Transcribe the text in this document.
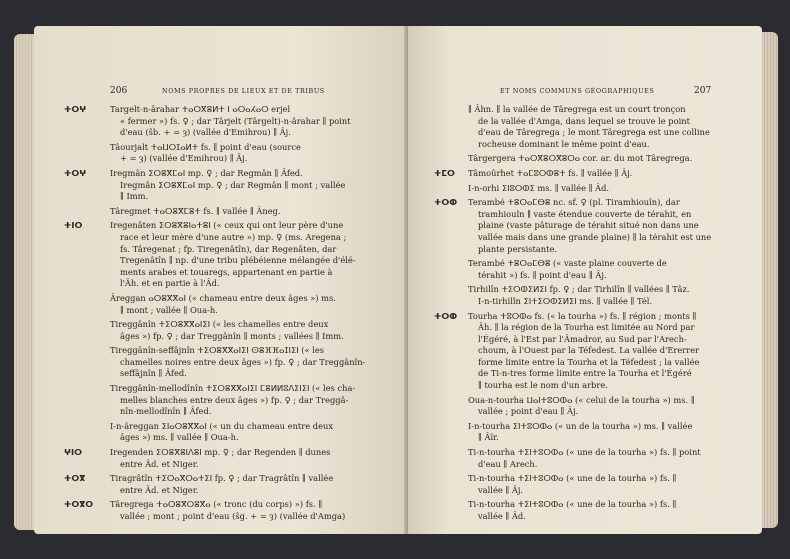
206	NOMS PROPRES DE LIEUX ET DE TRIBUS
ⵜⵔⵖ	Targelt-n-ârahar ⵜⴰⵔⴳⴻⵍⵜ ⵏ ⴰⵔⴰⵃⴰⵔ erjel
« fermer ») fs. ♀ ; dar Târjelt (Târgelt)-n-ârahar ∥ point
d'eau (ŝb. + = ȝ) (vallée d'Emihrou) ∥ Âj.
Tâourjalt ⵜⴰⵡⵔⵊⴰⵍⵜ fs. ∥ point d'eau (source
+ = ȝ) (vallée d'Emihrou) ∥ Âj.
ⵜⵔⵖ	Iregmân ⵉⵔⴻⴳⵎⴰⵏ mp. ♀ ; dar Regmân ∥ Âfed.
Iregmân ⵉⵔⴻⴳⵎⴰⵏ mp. ♀ ; dar Regmân ∥ mont ; vallée
∥ Imm.
Târegmet ⵜⴰⵔⴻⴳⵎⴻⵜ fs. ∥ vallée ∥ Âneg.
ⵜⵏⵔ	Iregenâten ⵉⵔⴻⴳⴻⵏⴰⵜⴻⵏ (« ceux qui ont leur père d'une
race et leur mère d'une autre ») mp. ♀ (ms. Aregena ;
fs. Târegenat ; fp. Tiregenâtîn), dar Regenâten, dar
Tregenâtîn ∥ np. d'une tribu plébéienne mélangée d'élé-
ments arabes et touaregs, appartenant en partie à
l'Âh. et en partie à l'Âd.
Âreggan ⴰⵔⴻⴳⴳⴰⵏ (« chameau entre deux âges ») ms.
∥ mont ; vallée ∥ Oua-h.
Tireggânîn ⵜⵉⵔⴻⴳⴳⴰⵏⵉⵏ (« les chamelles entre deux
âges ») fp. ♀ ; dar Treggânîn ∥ monts ; vallées ∥ Imm.
Tireggânîn-seffâjnîn ⵜⵉⵔⴻⴳⴳⴰⵏⵉⵏ ⵙⴻⴼⴼⴰⵊⵏⵉⵏ (« les
chamelles noires entre deux âges ») fp. ♀ ; dar Treggânîn-
seffâjnîn ∥ Âfed.
Tireggânîn-mellodînîn ⵜⵉⵔⴻⴳⴳⴰⵏⵉⵏ ⵎⴻⵍⵍⵓⴷⵉⵏⵉⵏ (« les cha-
melles blanches entre deux âges ») fp. ♀ ; dar Treggâ-
nîn-mellodînîn ∥ Âfed.
I-n-âreggan ⵉⵏⴰⵔⴻⴳⴳⴰⵏ (« un du chameau entre deux
âges ») ms. ∥ vallée ∥ Oua-h.
ⵖⵏⵔ	Iregenden ⵉⵔⴻⴳⴻⵏⴷⴻⵏ mp. ♀ ; dar Regenden ∥ dunes
entre Âd. et Niger.
ⵜⵔⴳ	Tiragrâtîn ⵜⵉⵔⴰⴳⵔⴰⵜⵉⵏ fp. ♀ ; dar Tragrâtîn ∥ vallée
entre Âd. et Niger.
ⵜⵔⴳⵔ Târegrega ⵜⴰⵔⴻⴳⵔⴻⴳⴰ (« tronc (du corps) ») fs. ∥
vallée ; mont ; point d'eau (ŝg. + = ȝ) (vallée d'Amga)
ET NOMS COMMUNS GÉOGRAPHIQUES	207
∥ Âhn. ∥ la vallée de Târegrega est un court tronçon
de la vallée d'Amga, dans lequel se trouve le point
d'eau de Târegrega ; le mont Târegrega est une colline
rocheuse dominant le même point d'eau.
Târgergera ⵜⴰⵔⴳⴻⵔⴳⴻⵔⴰ cor. ar. du mot Târegrega.
ⵜⵎⵔ Tâmoûrhet ⵜⴰⵎⵓⵔⵀⴻⵜ fs. ∥ vallée ∥ Âj.
I-n-orhi ⵉⵏⵓⵔⵀⵉ ms. ∥ vallée ∥ Âd.
ⵜⵔⵀ Terambé ⵜⴻⵔⴰⵎⴱⴻ nc. sf. ♀ (pl. Tiramhiouîn), dar
tramhiouîn ∥ vaste étendue couverte de térahit, en
plaine (vaste pâturage de térahit situé non dans une
vallée mais dans une grande plaine) ∥ la térahit est une
plante persistante.
Terambé ⵜⴻⵔⴰⵎⴱⴻ (« vaste plaine couverte de
térahit ») fs. ∥ point d'eau ∥ Âj.
Tirhilîn ⵜⵉⵔⵀⵉⵍⵉⵏ fp. ♀ ; dar Tirhilîn ∥ vallées ∥ Tâz.
I-n-tirhilîn ⵉⵏⵜⵉⵔⵀⵉⵍⵉⵏ ms. ∥ vallée ∥ Tél.
ⵜⵔⵀ Tourha ⵜⵓⵔⵀⴰ fs. (« la tourha ») fs. ∥ région ; monts ∥
Âh. ∥ la région de la Tourha est limitée au Nord par
l'Égéré, à l'Est par l'Âmadror, au Sud par l'Arech-
choum, à l'Ouest par la Téfedest. La vallée d'Ererrer
forme limite entre la Tourha et la Téfedest ; la vallée
de Ti-n-tres forme limite entre la Tourha et l'Égéré
∥ tourha est le nom d'un arbre.
Oua-n-tourha ⵡⴰⵏⵜⵓⵔⵀⴰ (« celui de la tourha ») ms. ∥
vallée ; point d'eau ∥ Âj.
I-n-tourha ⵉⵏⵜⵓⵔⵀⴰ (« un de la tourha ») ms. ∥ vallée
∥ Âïr.
Ti-n-tourha ⵜⵉⵏⵜⵓⵔⵀⴰ (« une de la tourha ») fs. ∥ point
d'eau ∥ Arech.
Ti-n-tourha ⵜⵉⵏⵜⵓⵔⵀⴰ (« une de la tourha ») fs. ∥
vallée ∥ Âj.
Ti-n-tourha ⵜⵉⵏⵜⵓⵔⵀⴰ (« une de la tourha ») fs. ∥
vallée ∥ Âd.
